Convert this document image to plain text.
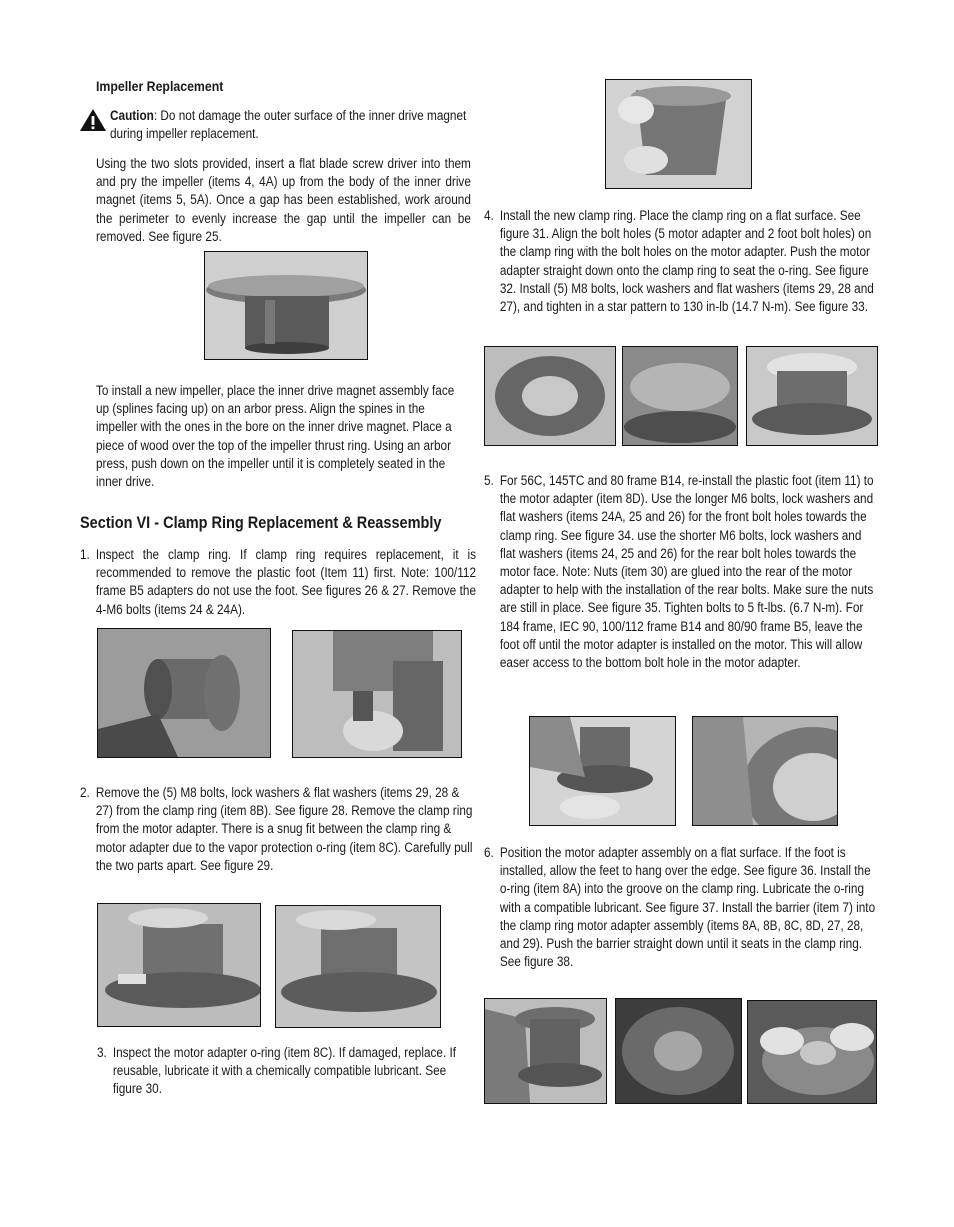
Impeller Replacement
Caution: Do not damage the outer surface of the inner drive magnet during impeller replacement.
Using the two slots provided, insert a flat blade screw driver into them and pry the impeller (items 4, 4A) up from the body of the inner drive magnet (items 5, 5A). Once a gap has been established, work around the perimeter to evenly increase the gap until the impeller can be removed. See figure 25.
To install a new impeller, place the inner drive magnet assembly face up (splines facing up) on an arbor press. Align the spines in the impeller with the ones in the bore on the inner drive magnet. Place a piece of wood over the top of the impeller thrust ring. Using an arbor press, push down on the impeller until it is completely seated in the inner drive.
Section VI - Clamp Ring Replacement & Reassembly
1. Inspect the clamp ring. If clamp ring requires replacement, it is recommended to remove the plastic foot (Item 11) first. Note: 100/112 frame B5 adapters do not use the foot. See figures 26 & 27. Remove the 4-M6 bolts (items 24 & 24A).
2. Remove the (5) M8 bolts, lock washers & flat washers (items 29, 28 & 27) from the clamp ring (item 8B). See figure 28. Remove the clamp ring from the motor adapter. There is a snug fit between the clamp ring & motor adapter due to the vapor protection o-ring (item 8C). Carefully pull the two parts apart. See figure 29.
3. Inspect the motor adapter o-ring (item 8C). If damaged, replace. If reusable, lubricate it with a chemically compatible lubricant. See figure 30.
4. Install the new clamp ring. Place the clamp ring on a flat surface. See figure 31. Align the bolt holes (5 motor adapter and 2 foot bolt holes) on the clamp ring with the bolt holes on the motor adapter. Push the motor adapter straight down onto the clamp ring to seat the o-ring. See figure 32. Install (5) M8 bolts, lock washers and flat washers (items 29, 28 and 27), and tighten in a star pattern to 130 in-lb (14.7 N-m). See figure 33.
5. For 56C, 145TC and 80 frame B14, re-install the plastic foot (item 11) to the motor adapter (item 8D). Use the longer M6 bolts, lock washers and flat washers (items 24A, 25 and 26) for the front bolt holes towards the clamp ring. See figure 34. use the shorter M6 bolts, lock washers and flat washers (items 24, 25 and 26) for the rear bolt holes towards the motor face. Note: Nuts (item 30) are glued into the rear of the motor adapter to help with the installation of the rear bolts. Make sure the nuts are still in place. See figure 35. Tighten bolts to 5 ft-lbs. (6.7 N-m). For 184 frame, IEC 90, 100/112 frame B14 and 80/90 frame B5, leave the foot off until the motor adapter is installed on the motor. This will allow easer access to the bottom bolt hole in the motor adapter.
6. Position the motor adapter assembly on a flat surface. If the foot is installed, allow the feet to hang over the edge. See figure 36. Install the o-ring (item 8A) into the groove on the clamp ring. Lubricate the o-ring with a compatible lubricant. See figure 37. Install the barrier (item 7) into the clamp ring motor adapter assembly (items 8A, 8B, 8C, 8D, 27, 28, and 29). Push the barrier straight down until it seats in the clamp ring. See figure 38.
